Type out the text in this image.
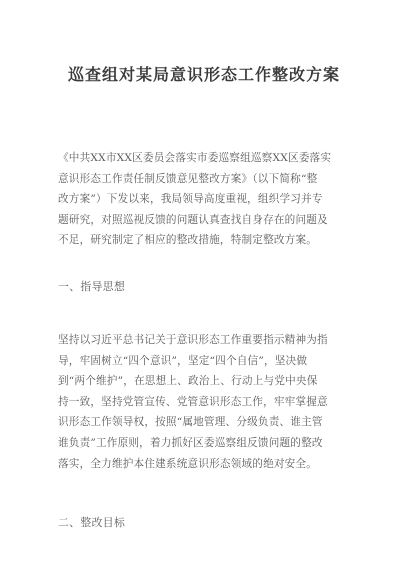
巡查组对某局意识形态工作整改方案
《中共XX市XX区委员会落实市委巡察组巡察XX区委落实
意识形态工作责任制反馈意见整改方案》（以下简称“整
改方案”）下发以来，我局领导高度重视，组织学习并专
题研究，对照巡视反馈的问题认真查找自身存在的问题及
不足，研究制定了相应的整改措施，特制定整改方案。
一、指导思想
坚持以习近平总书记关于意识形态工作重要指示精神为指
导，牢固树立“四个意识”，坚定“四个自信”，坚决做
到“两个维护”，在思想上、政治上、行动上与党中央保
持一致，坚持党管宣传、党管意识形态工作，牢牢掌握意
识形态工作领导权，按照“属地管理、分级负责、谁主管
谁负责”工作原则，着力抓好区委巡察组反馈问题的整改
落实，全力维护本住建系统意识形态领域的绝对安全。
二、整改目标
